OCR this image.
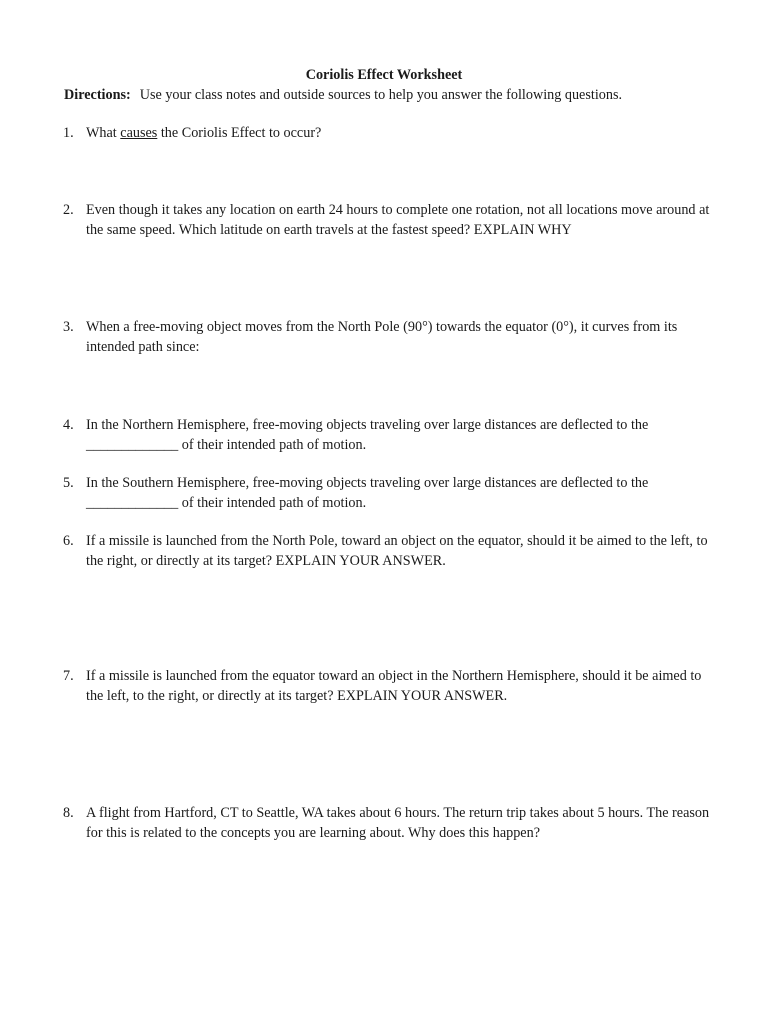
Coriolis Effect Worksheet
Directions: Use your class notes and outside sources to help you answer the following questions.
1. What causes the Coriolis Effect to occur?
2. Even though it takes any location on earth 24 hours to complete one rotation, not all locations move around at the same speed. Which latitude on earth travels at the fastest speed? EXPLAIN WHY
3. When a free-moving object moves from the North Pole (90°) towards the equator (0°), it curves from its intended path since:
4. In the Northern Hemisphere, free-moving objects traveling over large distances are deflected to the
_____________ of their intended path of motion.
5. In the Southern Hemisphere, free-moving objects traveling over large distances are deflected to the
_____________ of their intended path of motion.
6. If a missile is launched from the North Pole, toward an object on the equator, should it be aimed to the left, to the right, or directly at its target? EXPLAIN YOUR ANSWER.
7. If a missile is launched from the equator toward an object in the Northern Hemisphere, should it be aimed to the left, to the right, or directly at its target? EXPLAIN YOUR ANSWER.
8. A flight from Hartford, CT to Seattle, WA takes about 6 hours. The return trip takes about 5 hours. The reason for this is related to the concepts you are learning about. Why does this happen?
